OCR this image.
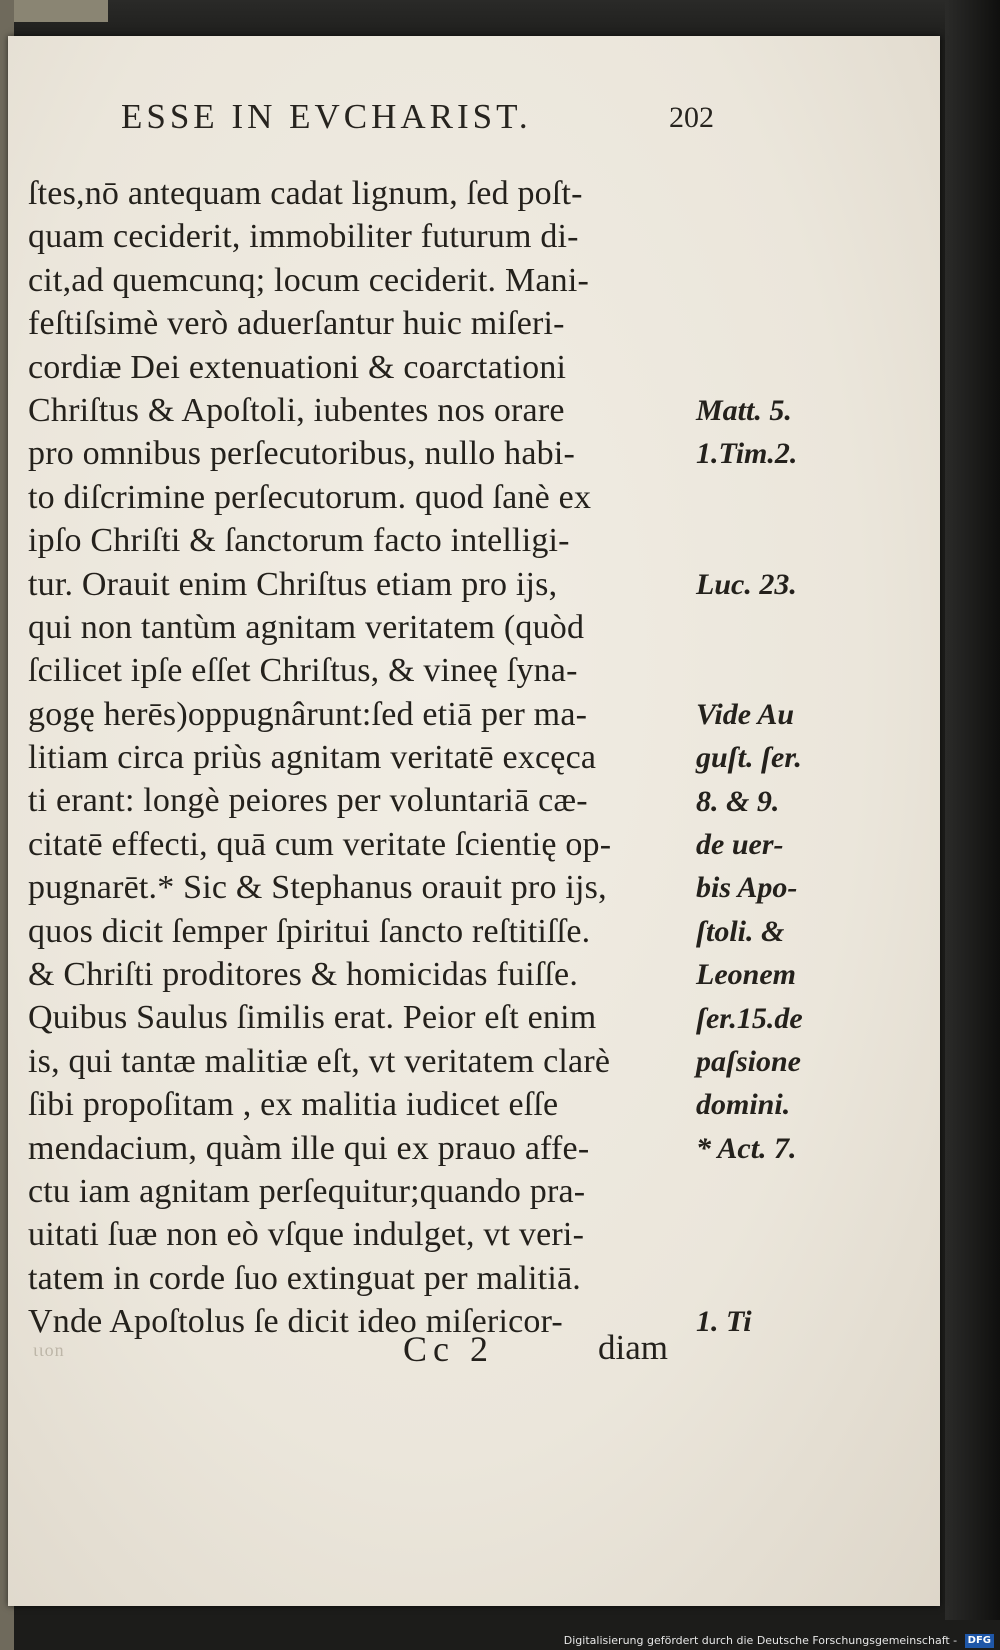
ESSE IN EVCHARIST.	202
ſtes,nō antequam cadat lignum, ſed poſt-
quam ceciderit, immobiliter futurum di-
cit,ad quemcunq; locum ceciderit. Mani-
feſtiſsimè verò aduerſantur huic miſeri-
cordiæ Dei extenuationi & coarctationi
Chriſtus & Apoſtoli, iubentes nos orare
pro omnibus perſecutoribus, nullo habi-
to diſcrimine perſecutorum. quod ſanè ex
ipſo Chriſti & ſanctorum facto intelligi-
tur. Orauit enim Chriſtus etiam pro ijs,
qui non tantùm agnitam veritatem (quòd
ſcilicet ipſe eſſet Chriſtus, & vineę ſyna-
gogę herēs)oppugnârunt:ſed etiā per ma-
litiam circa priùs agnitam veritatē excęca
ti erant: longè peiores per voluntariā cæ-
citatē effecti, quā cum veritate ſcientię op-
pugnarēt.* Sic & Stephanus orauit pro ijs,
quos dicit ſemper ſpiritui ſancto reſtitiſſe.
& Chriſti proditores & homicidas fuiſſe.
Quibus Saulus ſimilis erat. Peior eſt enim
is, qui tantæ malitiæ eſt, vt veritatem clarè
ſibi propoſitam , ex malitia iudicet eſſe
mendacium, quàm ille qui ex prauo affe-
ctu iam agnitam perſequitur;quando pra-
uitati ſuæ non eò vſque indulget, vt veri-
tatem in corde ſuo extinguat per malitiā.
Vnde Apoſtolus ſe dicit ideo miſericor-
Matt. 5.
1.Tim.2.
Luc. 23.
Vide Au
guſt. ſer.
8. & 9.
de uer-
bis Apo-
ſtoli. &
Leonem
ſer.15.de
paſsione
domini.
* Act. 7.
1. Ti
ɩɩon	Cc 2	diam
Digitalisierung gefördert durch die Deutsche Forschungsgemeinschaft - DFG
